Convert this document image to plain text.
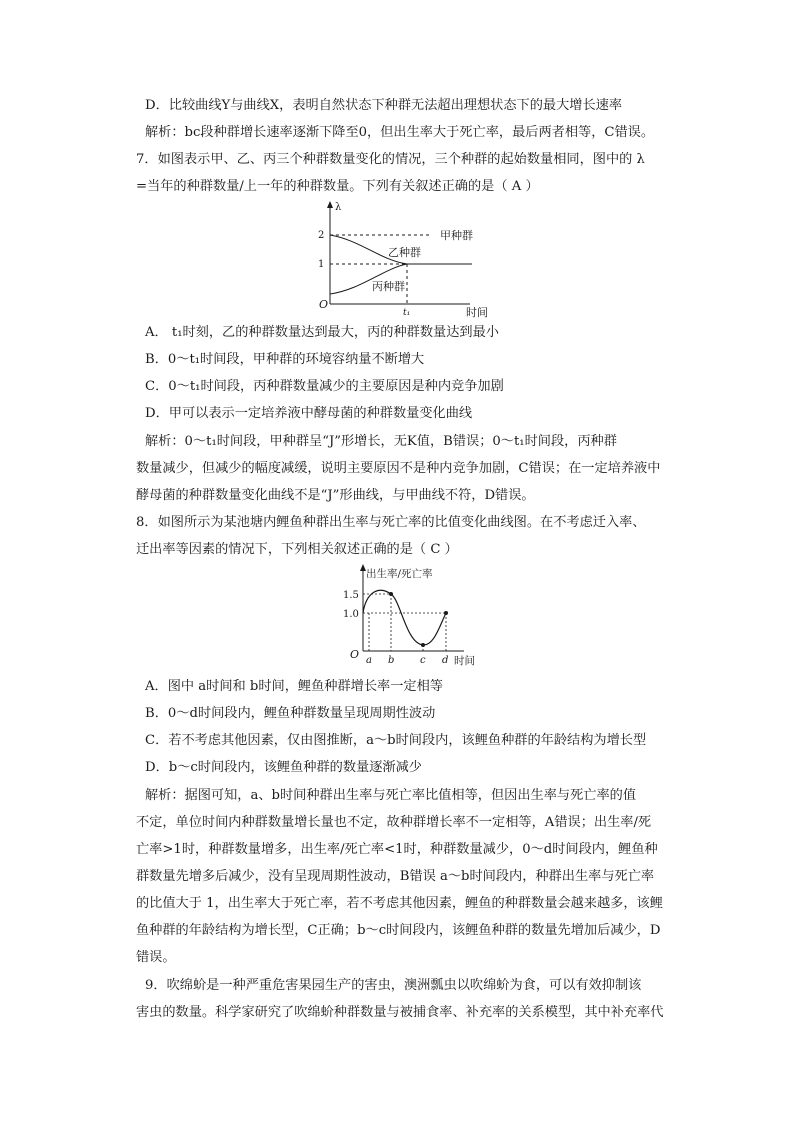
D．比较曲线Y与曲线X，表明自然状态下种群无法超出理想状态下的最大增长速率
解析：bc段种群增长速率逐渐下降至0，但出生率大于死亡率，最后两者相等，C错误。
7．如图表示甲、乙、丙三个种群数量变化的情况，三个种群的起始数量相同，图中的 λ
=当年的种群数量/上一年的种群数量。下列有关叙述正确的是（ A ）
λ
O
2
1
甲种群
乙种群
丙种群
t₁	时间
A． t₁时刻，乙的种群数量达到最大，丙的种群数量达到最小
B．0～t₁时间段，甲种群的环境容纳量不断增大
C．0～t₁时间段，丙种群数量减少的主要原因是种内竞争加剧
D．甲可以表示一定培养液中酵母菌的种群数量变化曲线
解析：0～t₁时间段，甲种群呈“J”形增长，无K值，B错误；0～t₁时间段，丙种群
数量减少，但减少的幅度减缓，说明主要原因不是种内竞争加剧，C错误；在一定培养液中
酵母菌的种群数量变化曲线不是“J”形曲线，与甲曲线不符，D错误。
8．如图所示为某池塘内鲤鱼种群出生率与死亡率的比值变化曲线图。在不考虑迁入率、
迁出率等因素的情况下，下列相关叙述正确的是（ C ）
出生率/死亡率
O
1.5
1.0
a b	c d 时间
A．图中 a时间和 b时间，鲤鱼种群增长率一定相等
B．0～d时间段内，鲤鱼种群数量呈现周期性波动
C．若不考虑其他因素，仅由图推断，a～b时间段内，该鲤鱼种群的年龄结构为增长型
D．b～c时间段内，该鲤鱼种群的数量逐渐减少
解析：据图可知，a、b时间种群出生率与死亡率比值相等，但因出生率与死亡率的值
不定，单位时间内种群数量增长量也不定，故种群增长率不一定相等，A错误；出生率/死
亡率>1时，种群数量增多，出生率/死亡率<1时，种群数量减少，0～d时间段内，鲤鱼种
群数量先增多后减少，没有呈现周期性波动，B错误 a～b时间段内，种群出生率与死亡率
的比值大于 1，出生率大于死亡率，若不考虑其他因素，鲤鱼的种群数量会越来越多，该鲤
鱼种群的年龄结构为增长型，C正确；b～c时间段内，该鲤鱼种群的数量先增加后减少，D
错误。
9．吹绵蚧是一种严重危害果园生产的害虫，澳洲瓢虫以吹绵蚧为食，可以有效抑制该
害虫的数量。科学家研究了吹绵蚧种群数量与被捕食率、补充率的关系模型，其中补充率代
